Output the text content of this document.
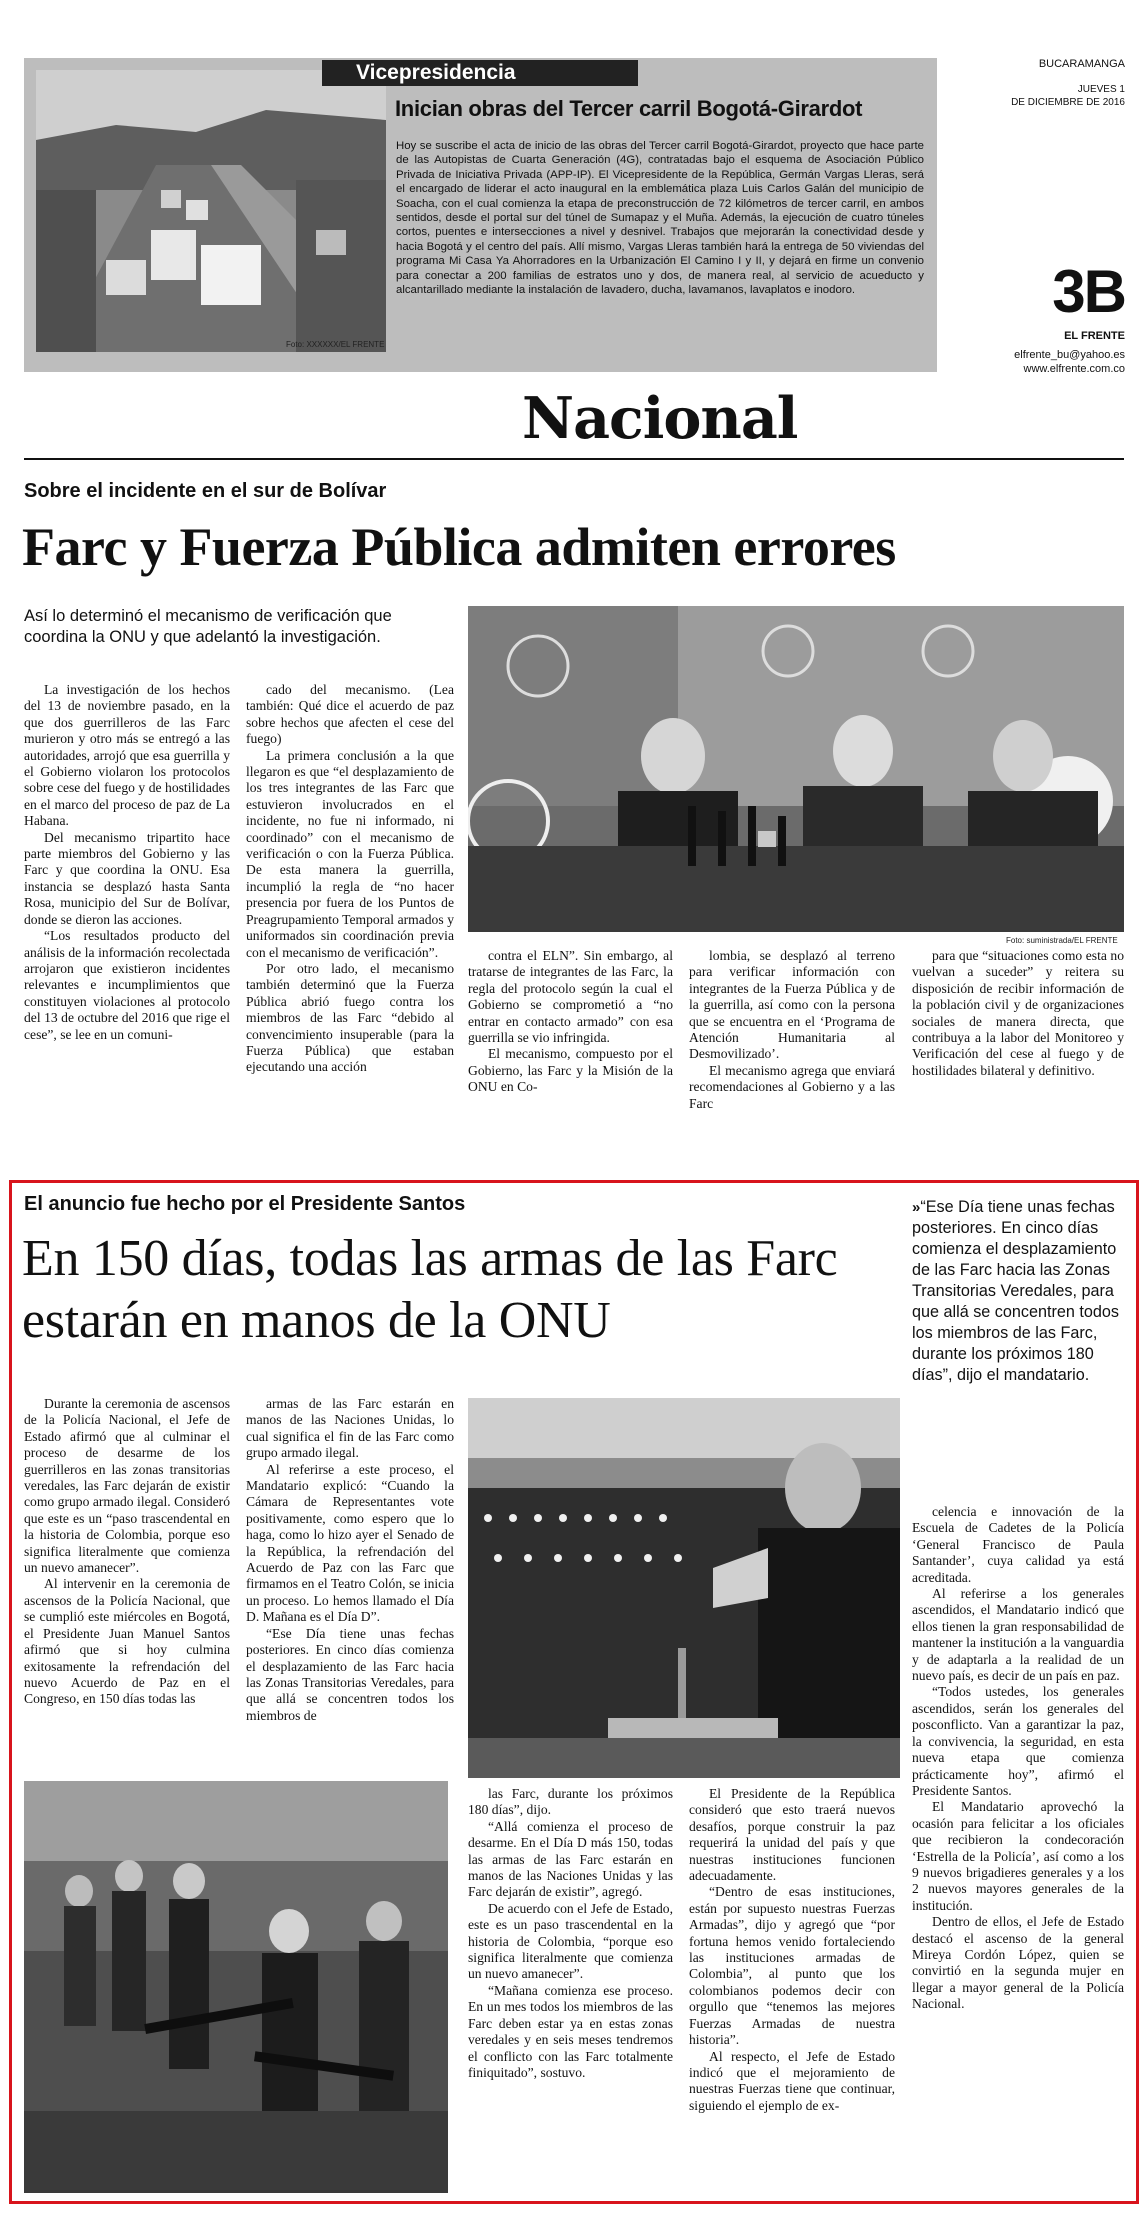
Foto: XXXXXX/EL FRENTE
Vicepresidencia
Inician obras del Tercer carril Bogotá-Girardot
Hoy se suscribe el acta de inicio de las obras del Tercer carril Bogotá-Girardot, proyecto que hace parte de las Autopistas de Cuarta Generación (4G), contratadas bajo el esquema de Asociación Público Privada de Iniciativa Privada (APP-IP). El Vicepresidente de la República, Germán Vargas Lleras, será el encargado de liderar el acto inaugural en la emblemática plaza Luis Carlos Galán del municipio de Soacha, con el cual comienza la etapa de preconstrucción de 72 kilómetros de tercer carril, en ambos sentidos, desde el portal sur del túnel de Sumapaz y el Muña. Además, la ejecución de cuatro túneles cortos, puentes e intersecciones a nivel y desnivel. Trabajos que mejorarán la conectividad desde y hacia Bogotá y el centro del país. Allí mismo, Vargas Lleras también hará la entrega de 50 viviendas del programa Mi Casa Ya Ahorradores en la Urbanización El Camino I y II, y dejará en firme un convenio para conectar a 200 familias de estratos uno y dos, de manera real, al servicio de acueducto y alcantarillado mediante la instalación de lavadero, ducha, lavamanos, lavaplatos e inodoro.
BUCARAMANGA
JUEVES 1
DE DICIEMBRE DE 2016
3B
EL FRENTE
elfrente_bu@yahoo.es
www.elfrente.com.co
Nacional
Sobre el incidente en el sur de Bolívar
Farc y Fuerza Pública admiten errores
Así lo determinó el mecanismo de verificación que coordina la ONU y que adelantó la investigación.
Foto: suministrada/EL FRENTE

La investigación de los hechos del 13 de noviembre pasado, en la que dos guerrilleros de las Farc murieron y otro más se entregó a las autoridades, arrojó que esa guerrilla y el Gobierno violaron los protocolos sobre cese del fuego y de hostilidades en el marco del proceso de paz de La Habana.

Del mecanismo tripartito hace parte miembros del Gobierno y las Farc y que coordina la ONU. Esa instancia se desplazó hasta Santa Rosa, municipio del Sur de Bolívar, donde se dieron las acciones.

“Los resultados producto del análisis de la información recolectada arrojaron que existieron incidentes relevantes e incumplimientos que constituyen violaciones al protocolo del 13 de octubre del 2016 que rige el cese”, se lee en un comuni-

cado del mecanismo. (Lea también: Qué dice el acuerdo de paz sobre hechos que afecten el cese del fuego)

La primera conclusión a la que llegaron es que “el desplazamiento de los tres integrantes de las Farc que estuvieron involucrados en el incidente, no fue ni informado, ni coordinado” con el mecanismo de verificación o con la Fuerza Pública. De esta manera la guerrilla, incumplió la regla de “no hacer presencia por fuera de los Puntos de Preagrupamiento Temporal armados y uniformados sin coordinación previa con el mecanismo de verificación”.

Por otro lado, el mecanismo también determinó que la Fuerza Pública abrió fuego contra los miembros de las Farc “debido al convencimiento insuperable (para la Fuerza Pública) que estaban ejecutando una acción

contra el ELN”. Sin embargo, al tratarse de integrantes de las Farc, la regla del protocolo según la cual el Gobierno se comprometió a “no entrar en contacto armado” con esa guerrilla se vio infringida.

El mecanismo, compuesto por el Gobierno, las Farc y la Misión de la ONU en Co-

lombia, se desplazó al terreno para verificar información con integrantes de la Fuerza Pública y de la guerrilla, así como con la persona que se encuentra en el ‘Programa de Atención Humanitaria al Desmovilizado’.

El mecanismo agrega que enviará recomendaciones al Gobierno y a las Farc

para que “situaciones como esta no vuelvan a suceder” y reitera su disposición de recibir información de la población civil y de organizaciones sociales de manera directa, que contribuya a la labor del Monitoreo y Verificación del cese al fuego y de hostilidades bilateral y definitivo.

El anuncio fue hecho por el Presidente Santos
En 150 días, todas las armas de las Farc estarán en manos de la ONU
»“Ese Día tiene unas fechas posteriores. En cinco días comienza el desplazamiento de las Farc hacia las Zonas Transitorias Veredales, para que allá se concentren todos los miembros de las Farc, durante los próximos 180 días”, dijo el mandatario.

Durante la ceremonia de ascensos de la Policía Nacional, el Jefe de Estado afirmó que al culminar el proceso de desarme de los guerrilleros en las zonas transitorias veredales, las Farc dejarán de existir como grupo armado ilegal. Consideró que este es un “paso trascendental en la historia de Colombia, porque eso significa literalmente que comienza un nuevo amanecer”.

Al intervenir en la ceremonia de ascensos de la Policía Nacional, que se cumplió este miércoles en Bogotá, el Presidente Juan Manuel Santos afirmó que si hoy culmina exitosamente la refrendación del nuevo Acuerdo de Paz en el Congreso, en 150 días todas las

armas de las Farc estarán en manos de las Naciones Unidas, lo cual significa el fin de las Farc como grupo armado ilegal.

Al referirse a este proceso, el Mandatario explicó: “Cuando la Cámara de Representantes vote positivamente, como espero que lo haga, como lo hizo ayer el Senado de la República, la refrendación del Acuerdo de Paz con las Farc que firmamos en el Teatro Colón, se inicia un proceso. Lo hemos llamado el Día D. Mañana es el Día D”.

“Ese Día tiene unas fechas posteriores. En cinco días comienza el desplazamiento de las Farc hacia las Zonas Transitorias Veredales, para que allá se concentren todos los miembros de

las Farc, durante los próximos 180 días”, dijo.

“Allá comienza el proceso de desarme. En el Día D más 150, todas las armas de las Farc estarán en manos de las Naciones Unidas y las Farc dejarán de existir”, agregó.

De acuerdo con el Jefe de Estado, este es un paso trascendental en la historia de Colombia, “porque eso significa literalmente que comienza un nuevo amanecer”.

“Mañana comienza ese proceso. En un mes todos los miembros de las Farc deben estar ya en estas zonas veredales y en seis meses tendremos el conflicto con las Farc totalmente finiquitado”, sostuvo.

El Presidente de la República consideró que esto traerá nuevos desafíos, porque construir la paz requerirá la unidad del país y que nuestras instituciones funcionen adecuadamente.

“Dentro de esas instituciones, están por supuesto nuestras Fuerzas Armadas”, dijo y agregó que “por fortuna hemos venido fortaleciendo las instituciones armadas de Colombia”, al punto que los colombianos podemos decir con orgullo que “tenemos las mejores Fuerzas Armadas de nuestra historia”.

Al respecto, el Jefe de Estado indicó que el mejoramiento de nuestras Fuerzas tiene que continuar, siguiendo el ejemplo de ex-

celencia e innovación de la Escuela de Cadetes de la Policía ‘General Francisco de Paula Santander’, cuya calidad ya está acreditada.

Al referirse a los generales ascendidos, el Mandatario indicó que ellos tienen la gran responsabilidad de mantener la institución a la vanguardia y de adaptarla a la realidad de un nuevo país, es decir de un país en paz.

“Todos ustedes, los generales ascendidos, serán los generales del posconflicto. Van a garantizar la paz, la convivencia, la seguridad, en esta nueva etapa que comienza prácticamente hoy”, afirmó el Presidente Santos.

El Mandatario aprovechó la ocasión para felicitar a los oficiales que recibieron la condecoración ‘Estrella de la Policía’, así como a los 9 nuevos brigadieres generales y a los 2 nuevos mayores generales de la institución.

Dentro de ellos, el Jefe de Estado destacó el ascenso de la general Mireya Cordón López, quien se convirtió en la segunda mujer en llegar a mayor general de la Policía Nacional.
